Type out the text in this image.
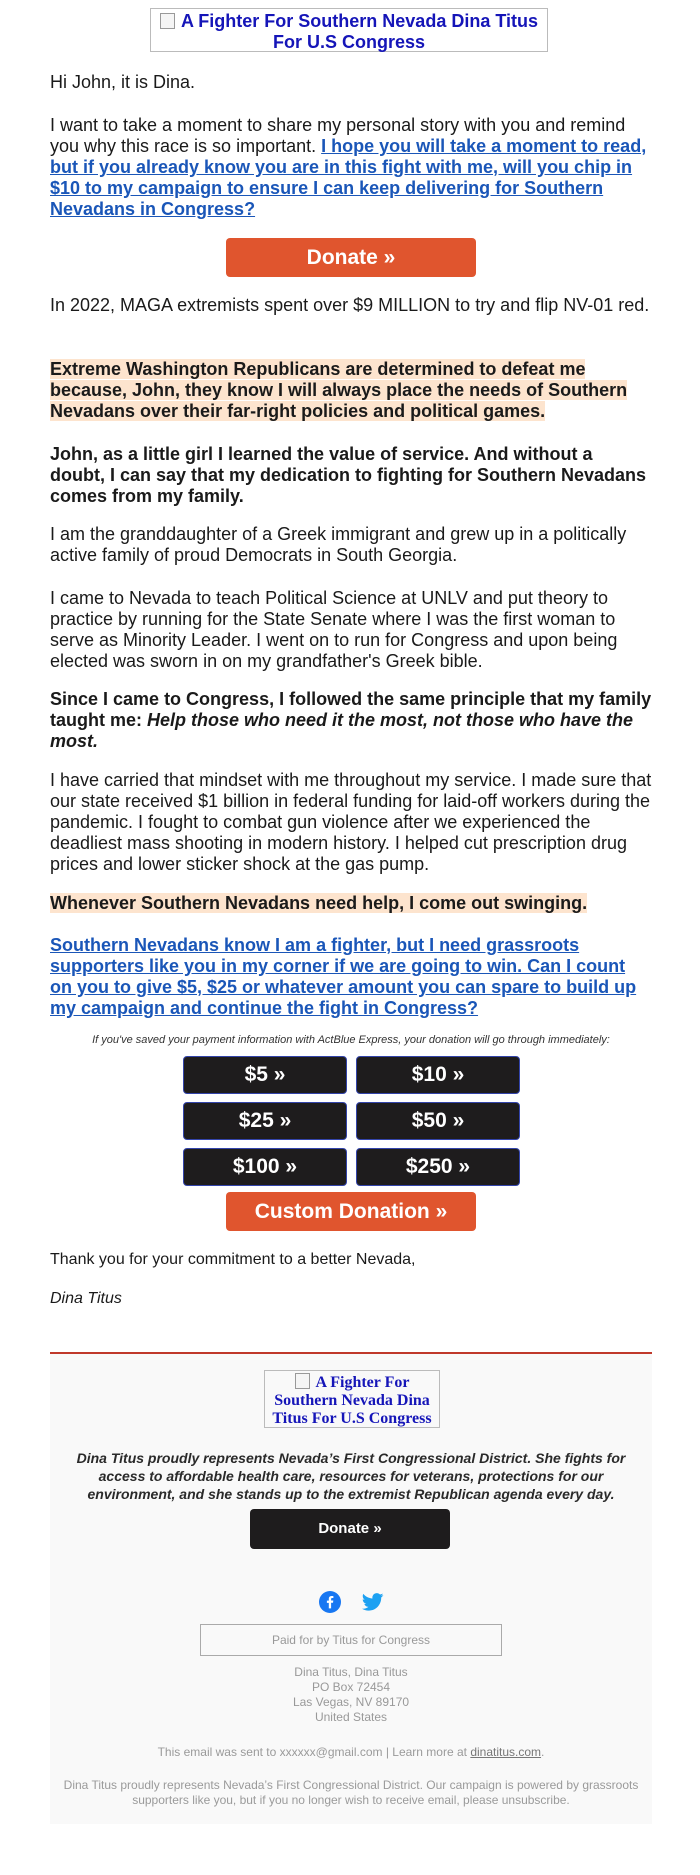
A Fighter For Southern Nevada Dina Titus For U.S Congress

Hi John, it is Dina.

I want to take a moment to share my personal story with you and remind you why this race is so important. I hope you will take a moment to read, but if you already know you are in this fight with me, will you chip in $10 to my campaign to ensure I can keep delivering for Southern Nevadans in Congress?

Donate »

In 2022, MAGA extremists spent over $9 MILLION to try and flip NV-01 red.

Extreme Washington Republicans are determined to defeat me because, John, they know I will always place the needs of Southern Nevadans over their far-right policies and political games.

John, as a little girl I learned the value of service. And without a doubt, I can say that my dedication to fighting for Southern Nevadans comes from my family.

I am the granddaughter of a Greek immigrant and grew up in a politically active family of proud Democrats in South Georgia.

I came to Nevada to teach Political Science at UNLV and put theory to practice by running for the State Senate where I was the first woman to serve as Minority Leader. I went on to run for Congress and upon being elected was sworn in on my grandfather's Greek bible.

Since I came to Congress, I followed the same principle that my family taught me: Help those who need it the most, not those who have the most.

I have carried that mindset with me throughout my service. I made sure that our state received $1 billion in federal funding for laid-off workers during the pandemic. I fought to combat gun violence after we experienced the deadliest mass shooting in modern history. I helped cut prescription drug prices and lower sticker shock at the gas pump.

Whenever Southern Nevadans need help, I come out swinging.

Southern Nevadans know I am a fighter, but I need grassroots supporters like you in my corner if we are going to win. Can I count on you to give $5, $25 or whatever amount you can spare to build up my campaign and continue the fight in Congress?

If you've saved your payment information with ActBlue Express, your donation will go through immediately:
$5 »	$10 »
$25 »	$50 »
$100 »	$250 »
Custom Donation »

Thank you for your commitment to a better Nevada,

Dina Titus

A Fighter For Southern Nevada Dina Titus For U.S Congress
Dina Titus proudly represents Nevada’s First Congressional District. She fights for access to affordable health care, resources for veterans, protections for our environment, and she stands up to the extremist Republican agenda every day.
Donate »
Paid for by Titus for Congress
Dina Titus, Dina Titus
PO Box 72454
Las Vegas, NV 89170
United States
This email was sent to xxxxxx@gmail.com | Learn more at dinatitus.com.
Dina Titus proudly represents Nevada’s First Congressional District. Our campaign is powered by grassroots supporters like you, but if you no longer wish to receive email, please unsubscribe.
